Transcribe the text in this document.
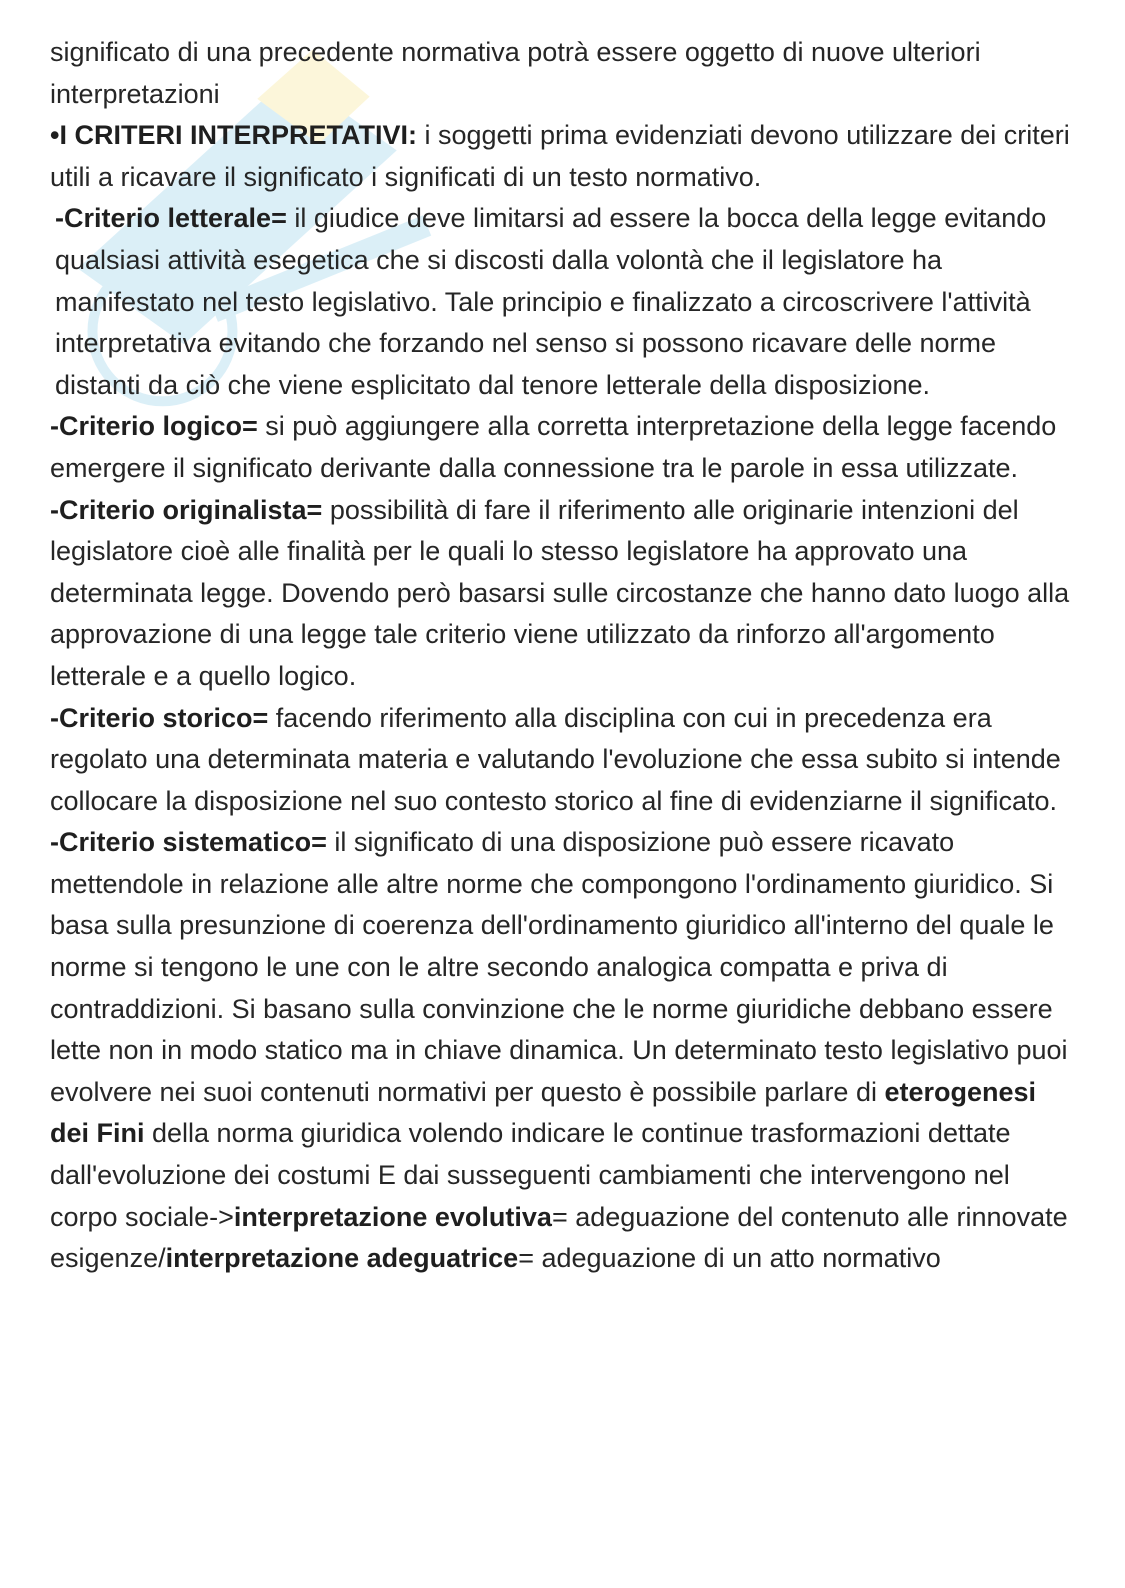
significato di una precedente normativa potrà essere oggetto di nuove ulteriori interpretazioni

•I CRITERI INTERPRETATIVI: i soggetti prima evidenziati devono utilizzare dei criteri utili a ricavare il significato i significati di un testo normativo.

-Criterio letterale= il giudice deve limitarsi ad essere la bocca della legge evitando qualsiasi attività esegetica che si discosti dalla volontà che il legislatore ha manifestato nel testo legislativo. Tale principio e finalizzato a circoscrivere l'attività interpretativa evitando che forzando nel senso si possono ricavare delle norme distanti da ciò che viene esplicitato dal tenore letterale della disposizione.

-Criterio logico= si può aggiungere alla corretta interpretazione della legge facendo emergere il significato derivante dalla connessione tra le parole in essa utilizzate.

-Criterio originalista= possibilità di fare il riferimento alle originarie intenzioni del legislatore cioè alle finalità per le quali lo stesso legislatore ha approvato una determinata legge. Dovendo però basarsi sulle circostanze che hanno dato luogo alla approvazione di una legge tale criterio viene utilizzato da rinforzo all'argomento letterale e a quello logico.

-Criterio storico= facendo riferimento alla disciplina con cui in precedenza era regolato una determinata materia e valutando l'evoluzione che essa subito si intende collocare la disposizione nel suo contesto storico al fine di evidenziarne il significato.

-Criterio sistematico= il significato di una disposizione può essere ricavato mettendole in relazione alle altre norme che compongono l'ordinamento giuridico. Si basa sulla presunzione di coerenza dell'ordinamento giuridico all'interno del quale le norme si tengono le une con le altre secondo analogica compatta e priva di contraddizioni. Si basano sulla convinzione che le norme giuridiche debbano essere lette non in modo statico ma in chiave dinamica. Un determinato testo legislativo puoi evolvere nei suoi contenuti normativi per questo è possibile parlare di eterogenesi dei Fini della norma giuridica volendo indicare le continue trasformazioni dettate dall'evoluzione dei costumi E dai susseguenti cambiamenti che intervengono nel corpo sociale->interpretazione evolutiva= adeguazione del contenuto alle rinnovate esigenze/interpretazione adeguatrice= adeguazione di un atto normativo
